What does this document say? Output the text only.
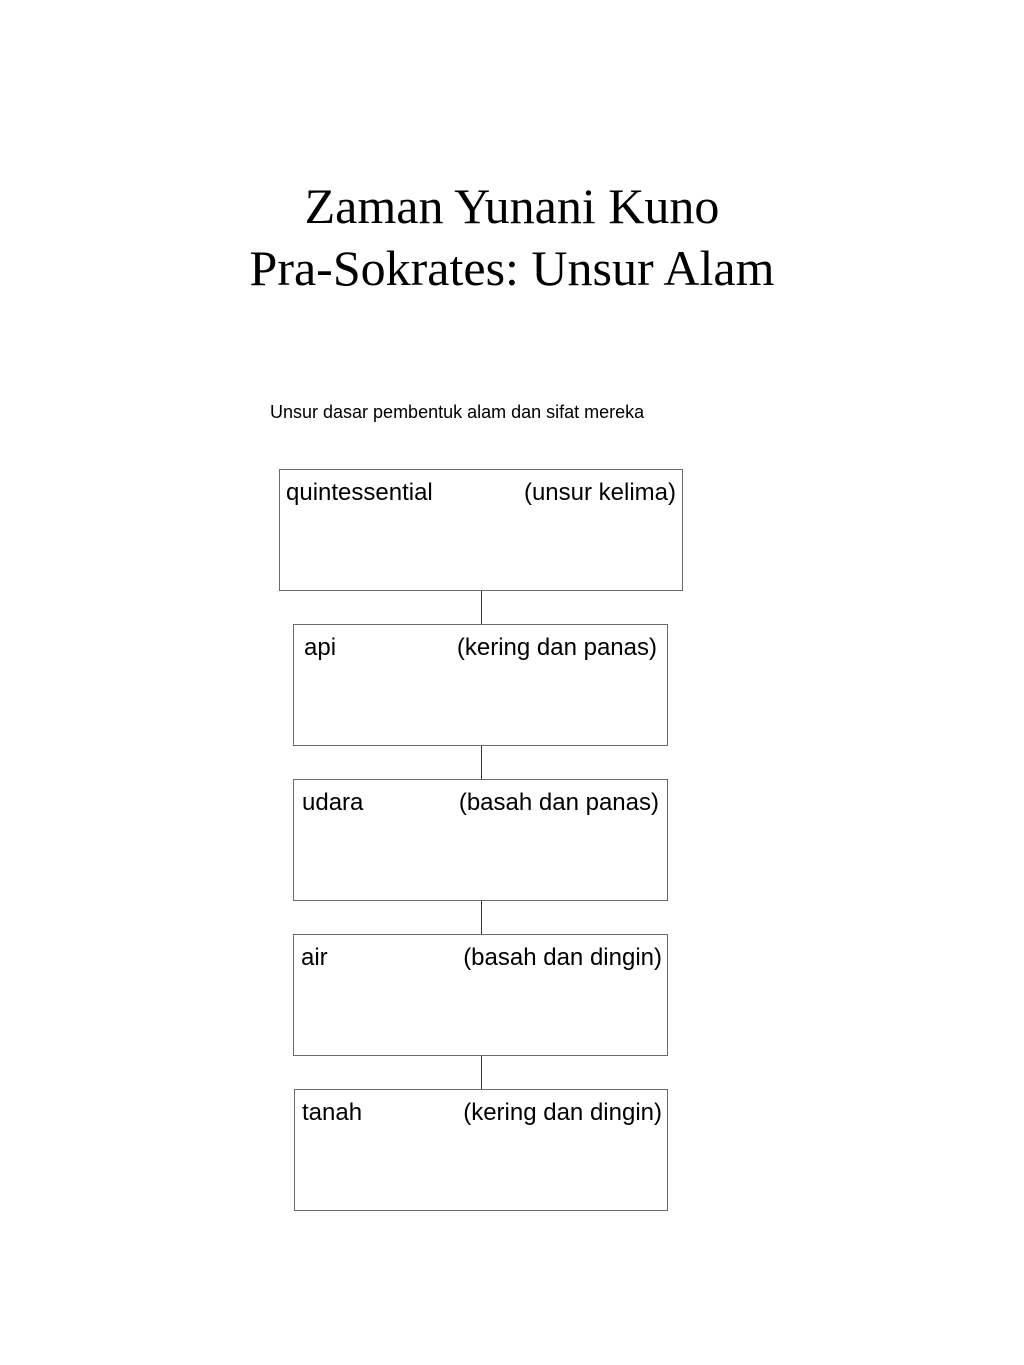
Zaman Yunani Kuno
Pra-Sokrates: Unsur Alam
Unsur dasar pembentuk alam dan sifat mereka
quintessential	(unsur kelima)
api	(kering dan panas)
udara	(basah dan panas)
air	(basah dan dingin)
tanah	(kering dan dingin)
